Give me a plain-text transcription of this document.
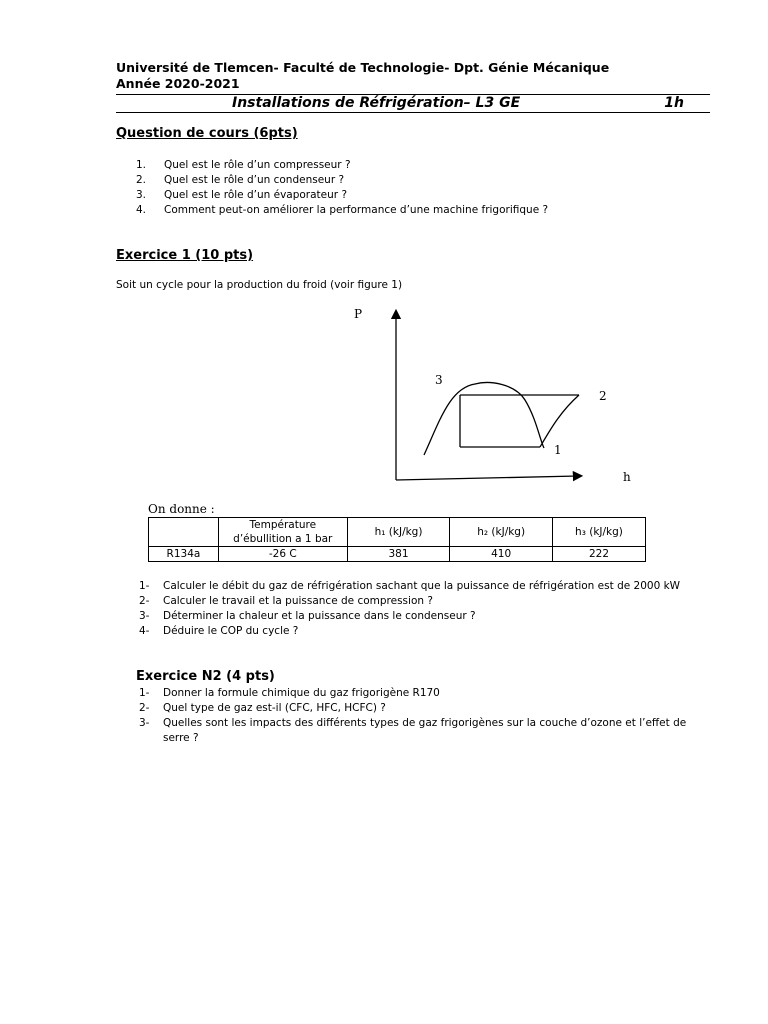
Université de Tlemcen- Faculté de Technologie- Dpt. Génie Mécanique
Année 2020-2021
Installations de Réfrigération– L3 GE	1h
Question de cours (6pts)
1.	Quel est le rôle d’un compresseur ?
2.	Quel est le rôle d’un condenseur ?
3.	Quel est le rôle d’un évaporateur ?
4.	Comment peut-on améliorer la performance d’une machine frigorifique ?
Exercice 1 (10 pts)
Soit un cycle pour la production du froid (voir figure 1)
P
h
3
2
1
On donne :

	Température
d’ébullition a 1 bar	h₁ (kJ/kg)	h₂ (kJ/kg)	h₃ (kJ/kg)
R134a	-26 C	381	410	222
1-	Calculer le débit du gaz de réfrigération sachant que la puissance de réfrigération est de 2000 kW
2-	Calculer le travail et la puissance de compression ?
3-	Déterminer la chaleur et la puissance dans le condenseur ?
4-	Déduire le COP du cycle ?
Exercice N2 (4 pts)
1-	Donner la formule chimique du gaz frigorigène R170
2-	Quel type de gaz est-il (CFC, HFC, HCFC) ?
3-	Quelles sont les impacts des différents types de gaz frigorigènes sur la couche d’ozone et l’effet de serre ?
